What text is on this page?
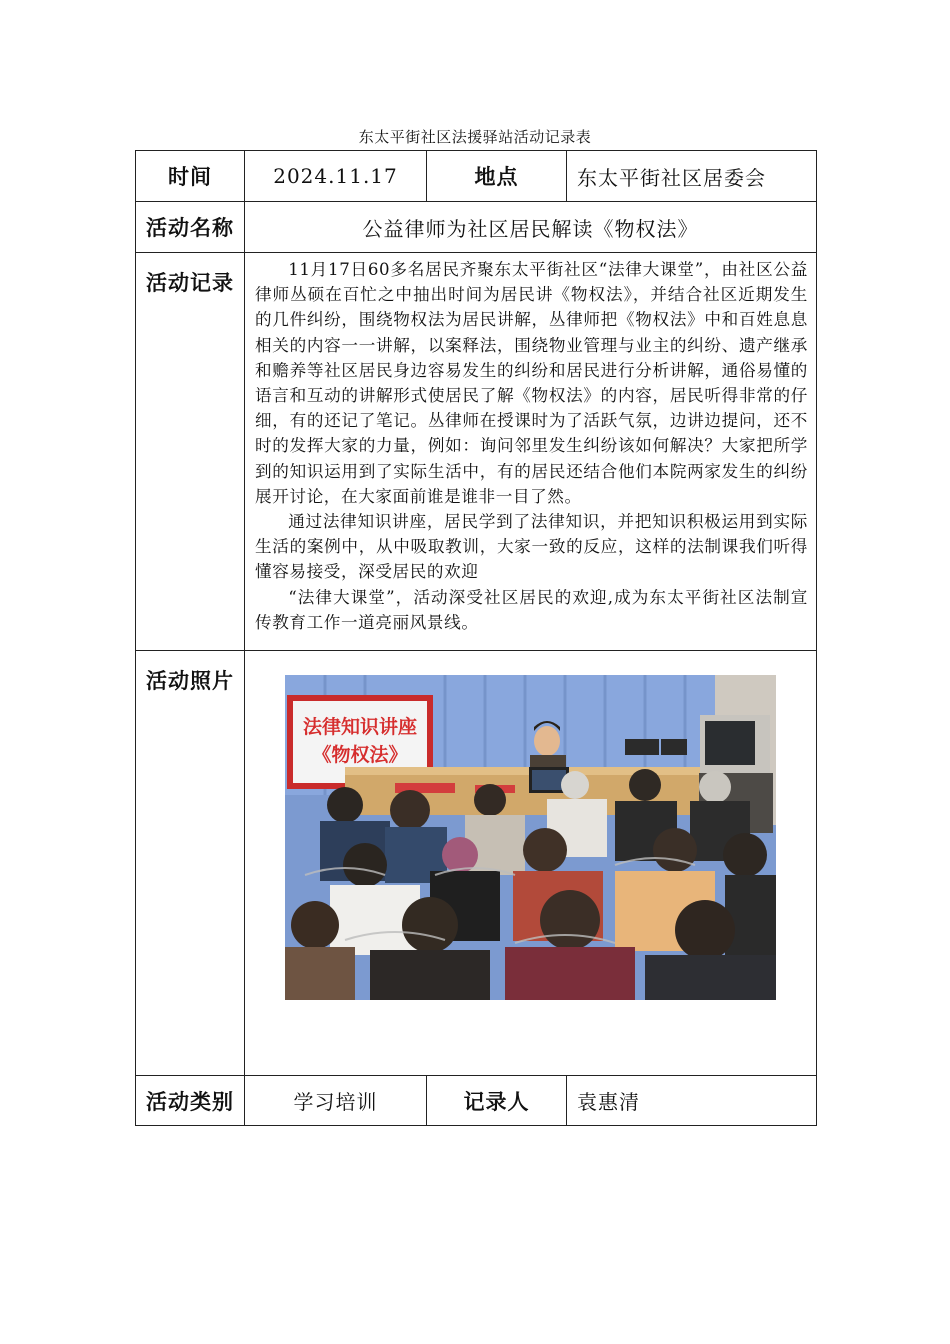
东太平街社区法援驿站活动记录表
时间	2024.11.17	地点	东太平街社区居委会
活动名称	公益律师为社区居民解读《物权法》		
活动记录	11月17日60多名居民齐聚东太平街社区“法律大课堂”，由社区公益律师丛硕在百忙之中抽出时间为居民讲《物权法》，并结合社区近期发生的几件纠纷，围绕物权法为居民讲解，丛律师把《物权法》中和百姓息息相关的内容一一讲解，以案释法，围绕物业管理与业主的纠纷、遗产继承和赡养等社区居民身边容易发生的纠纷和居民进行分析讲解，通俗易懂的语言和互动的讲解形式使居民了解《物权法》的内容，居民听得非常的仔细，有的还记了笔记。丛律师在授课时为了活跃气氛，边讲边提问，还不时的发挥大家的力量，例如：询问邻里发生纠纷该如何解决？大家把所学到的知识运用到了实际生活中，有的居民还结合他们本院两家发生的纠纷展开讨论，在大家面前谁是谁非一目了然。

通过法律知识讲座，居民学到了法律知识，并把知识积极运用到实际生活的案例中，从中吸取教训，大家一致的反应，这样的法制课我们听得懂容易接受，深受居民的欢迎

“法律大课堂”，活动深受社区居民的欢迎,成为东太平街社区法制宣传教育工作一道亮丽风景线。		

活动照片	法律知识讲座
《物权法》		

活动类别	学习培训	记录人	袁惠清
